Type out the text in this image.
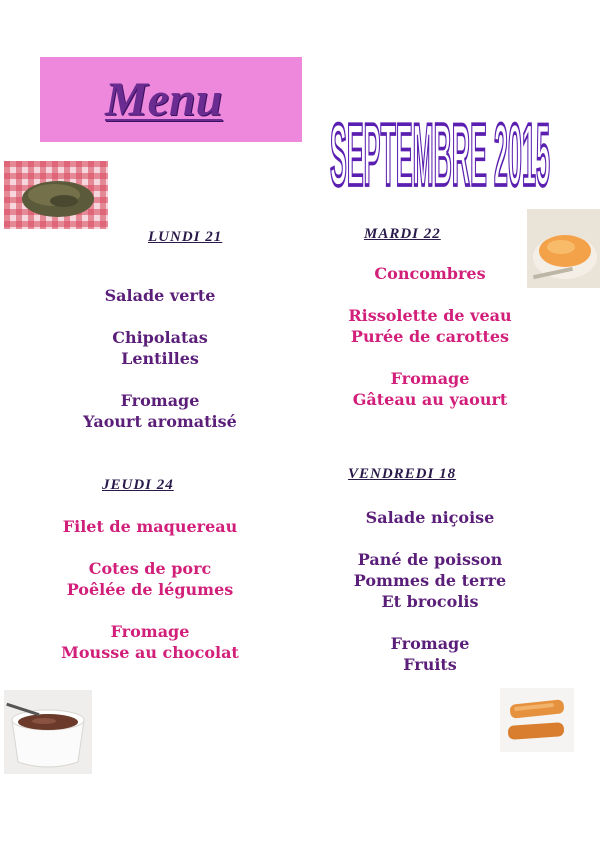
Menu
SEPTEMBRE 2015
LUNDI 21
Salade verte
Chipolatas
Lentilles
Fromage
Yaourt aromatisé
MARDI 22
Concombres
Rissolette de veau
Purée de carottes
Fromage
Gâteau au yaourt
JEUDI 24
Filet de maquereau
Cotes de porc
Poêlée de légumes
Fromage
Mousse au chocolat
VENDREDI 18
Salade niçoise
Pané de poisson
Pommes de terre
Et brocolis
Fromage
Fruits
